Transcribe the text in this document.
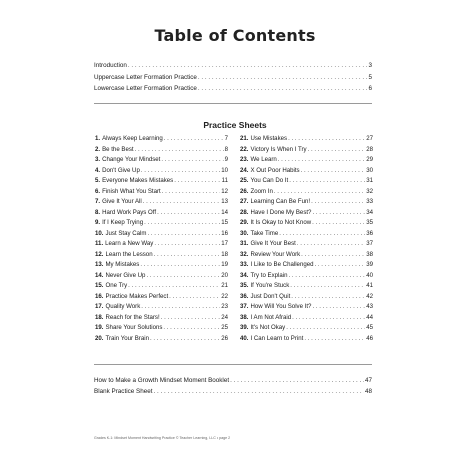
Table of Contents
Introduction . . .	3
Uppercase Letter Formation Practice . . .	5
Lowercase Letter Formation Practice . . .	6
Practice Sheets
1. Always Keep Learning . . .	7
2. Be the Best . . .	8
3. Change Your Mindset . . .	9
4. Don't Give Up . . .	10
5. Everyone Makes Mistakes . . .	11
6. Finish What You Start . . .	12
7. Give It Your All . . .	13
8. Hard Work Pays Off . . .	14
9. If I Keep Trying . . .	15
10. Just Stay Calm . . .	16
11. Learn a New Way . . .	17
12. Learn the Lesson . . .	18
13. My Mistakes . . .	19
14. Never Give Up . . .	20
15. One Try . . .	21
16. Practice Makes Perfect . . .	22
17. Quality Work . . .	23
18. Reach for the Stars! . . .	24
19. Share Your Solutions . . .	25
20. Train Your Brain . . .	26
21. Use Mistakes . . .	27
22. Victory Is When I Try . . .	28
23. We Learn . . .	29
24. X Out Poor Habits . . .	30
25. You Can Do It . . .	31
26. Zoom In . . .	32
27. Learning Can Be Fun! . . .	33
28. Have I Done My Best? . . .	34
29. It Is Okay to Not Know . . .	35
30. Take Time . . .	36
31. Give It Your Best . . .	37
32. Review Your Work . . .	38
33. I Like to Be Challenged . . .	39
34. Try to Explain . . .	40
35. If You're Stuck . . .	41
36. Just Don't Quit . . .	42
37. How Will You Solve It? . . .	43
38. I Am Not Afraid . . .	44
39. It's Not Okay . . .	45
40. I Can Learn to Print . . .	46
How to Make a Growth Mindset Moment Booklet . . .	47
Blank Practice Sheet . . .	48
Grades K-1: Mindset Moment Handwriting Practice © Teacher Learning, LLC • page 2
